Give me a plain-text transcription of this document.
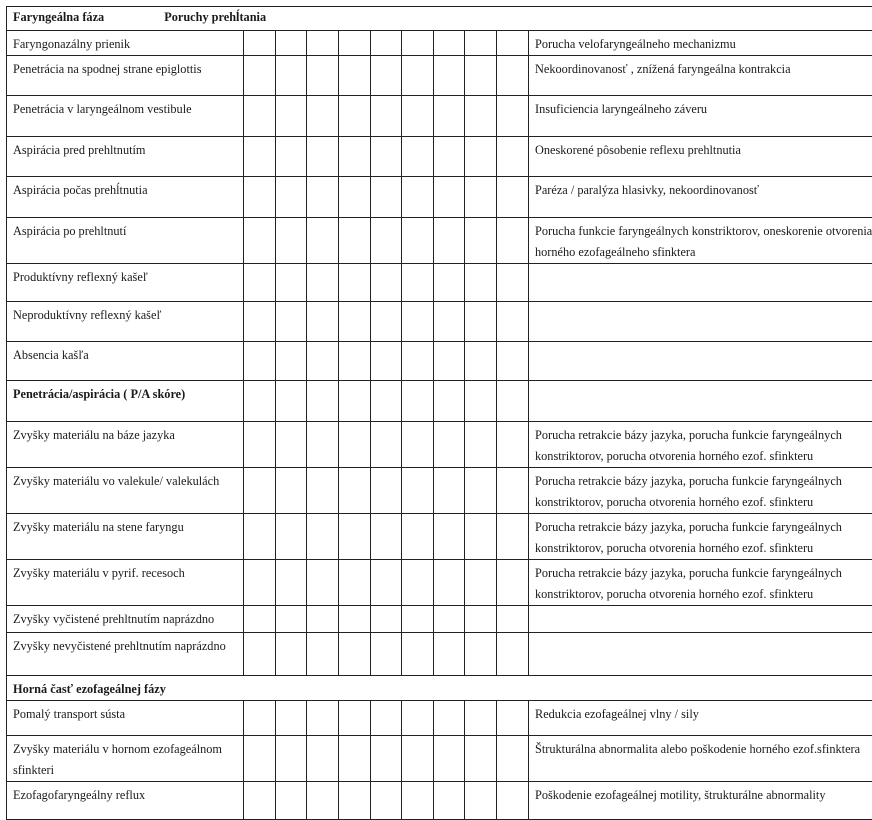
Faryngeálna fáza Poruchy prehĺtania										
Faryngonazálny prienik										Porucha velofaryngeálneho mechanizmu
Penetrácia na spodnej strane epiglottis										Nekoordinovanosť , znížená faryngeálna kontrakcia
Penetrácia v laryngeálnom vestibule										Insuficiencia laryngeálneho záveru
Aspirácia pred prehltnutím										Oneskorené pôsobenie reflexu prehltnutia
Aspirácia počas prehĺtnutia										Paréza / paralýza hlasivky, nekoordinovanosť
Aspirácia po prehltnutí										Porucha funkcie faryngeálnych konstriktorov, oneskorenie otvorenia horného ezofageálneho sfinktera
Produktívny reflexný kašeľ										
Neproduktívny reflexný kašeľ										
Absencia kašľa										
Penetrácia/aspirácia ( P/A skóre)										
Zvyšky materiálu na báze jazyka										Porucha retrakcie bázy jazyka, porucha funkcie faryngeálnych konstriktorov, porucha otvorenia horného ezof. sfinkteru
Zvyšky materiálu vo valekule/ valekulách										Porucha retrakcie bázy jazyka, porucha funkcie faryngeálnych konstriktorov, porucha otvorenia horného ezof. sfinkteru
Zvyšky materiálu na stene faryngu										Porucha retrakcie bázy jazyka, porucha funkcie faryngeálnych konstriktorov, porucha otvorenia horného ezof. sfinkteru
Zvyšky materiálu v pyrif. recesoch										Porucha retrakcie bázy jazyka, porucha funkcie faryngeálnych konstriktorov, porucha otvorenia horného ezof. sfinkteru
Zvyšky vyčistené prehltnutím naprázdno										
Zvyšky nevyčistené prehltnutím naprázdno										
Horná časť ezofageálnej fázy										
Pomalý transport sústa										Redukcia ezofageálnej vlny / sily
Zvyšky materiálu v hornom ezofageálnom sfinkteri										Štrukturálna abnormalita alebo poškodenie horného ezof.sfinktera
Ezofagofaryngeálny reflux										Poškodenie ezofageálnej motility, štrukturálne abnormality
